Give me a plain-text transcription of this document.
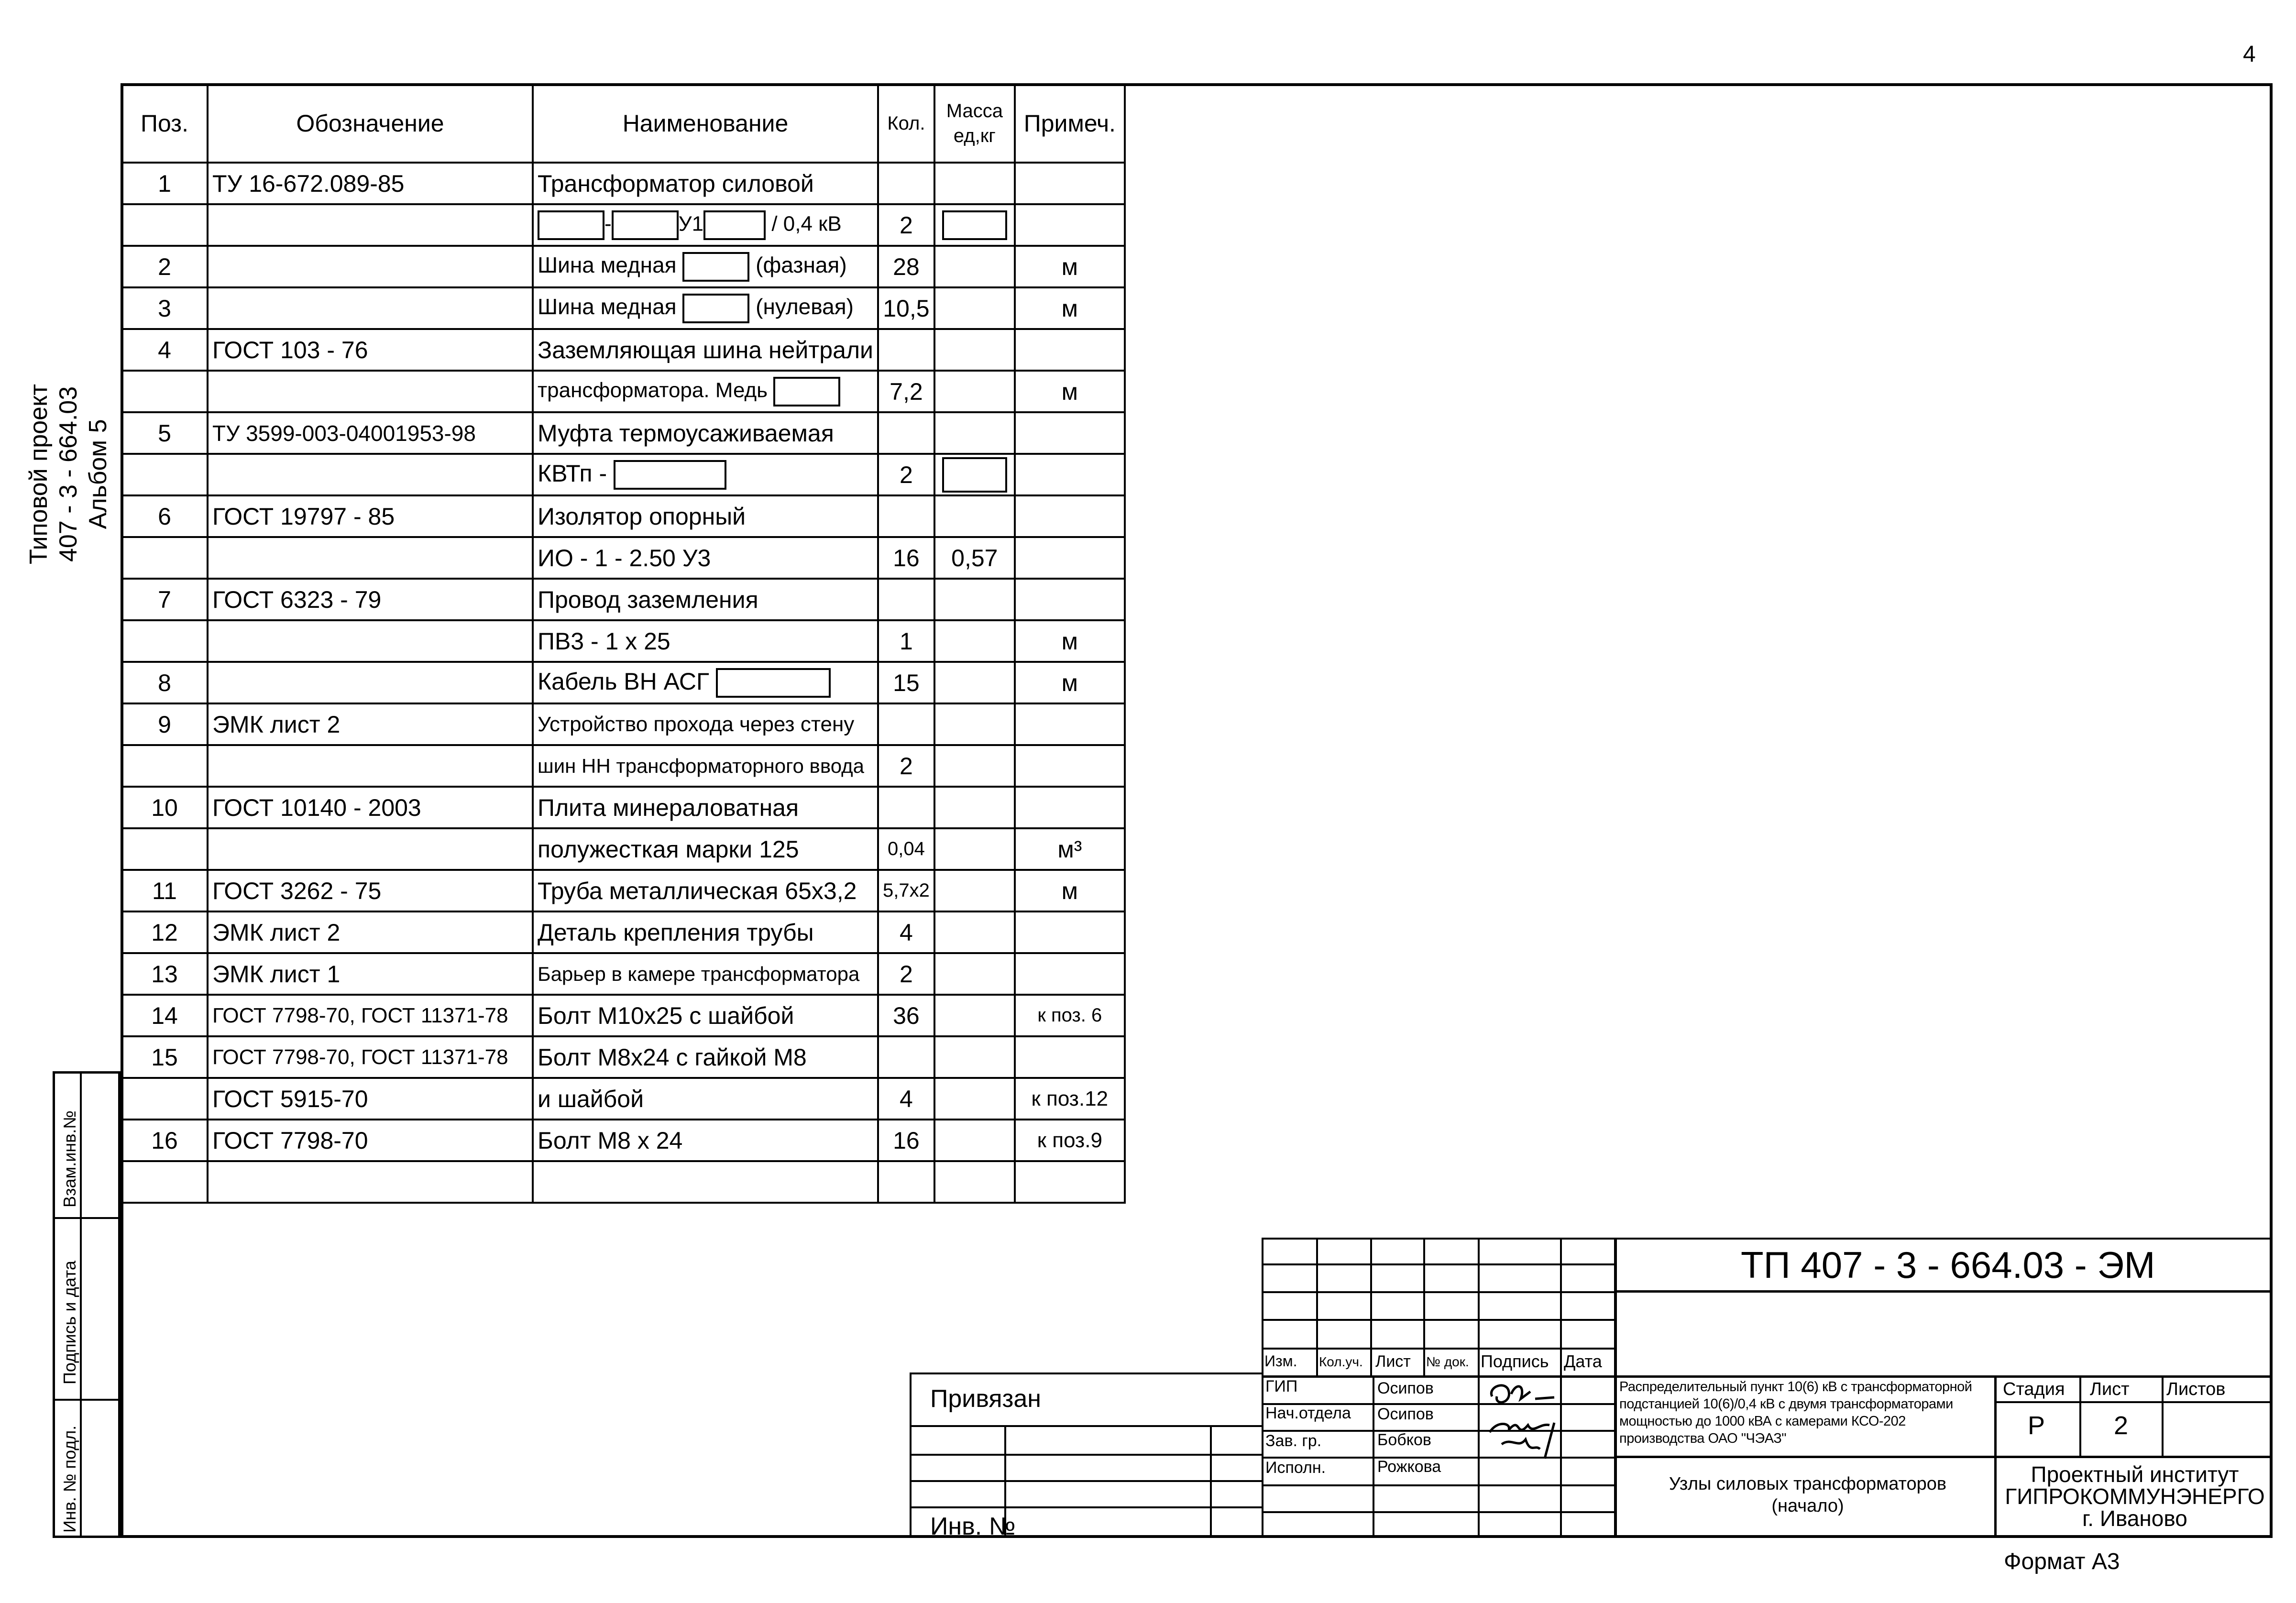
4
Типовой проект 407 - 3 - 664.03 Альбом 5
Взам.инв.№
Подпись и дата
Инв. № подл.
Поз.	Обозначение	Наименование	Кол.	Масса ед,кг	Примеч.
1	ТУ 16-672.089-85	Трансформатор силовой			
		- У1 / 0,4 кВ	2		
2		Шина медная (фазная)	28		м
3		Шина медная (нулевая)	10,5		м
4	ГОСТ 103 - 76	Заземляющая шина нейтрали			
		трансформатора. Медь	7,2		м
5	ТУ 3599-003-04001953-98	Муфта термоусаживаемая			
		КВТп -	2		
6	ГОСТ 19797 - 85	Изолятор опорный			
		ИО - 1 - 2.50 У3	16	0,57	
7	ГОСТ 6323 - 79	Провод заземления			
		ПВ3 - 1 х 25	1		м
8		Кабель ВН АСГ	15		м
9	ЭМК лист 2	Устройство прохода через стену			
		шин НН трансформаторного ввода	2		
10	ГОСТ 10140 - 2003	Плита минераловатная			
		полужесткая марки 125	0,04		м³
11	ГОСТ 3262 - 75	Труба металлическая 65х3,2	5,7х2		м
12	ЭМК лист 2	Деталь крепления трубы	4		
13	ЭМК лист 1	Барьер в камере трансформатора	2		
14	ГОСТ 7798-70, ГОСТ 11371-78	Болт М10х25 с шайбой	36		к поз. 6
15	ГОСТ 7798-70, ГОСТ 11371-78	Болт М8х24 с гайкой М8			
	ГОСТ 5915-70	и шайбой	4		к поз.12
16	ГОСТ 7798-70	Болт М8 х 24	16		к поз.9

Привязан
Инв. №
ТП 407 - 3 - 664.03 - ЭМ
Изм. Кол.уч. Лист № док. Подпись Дата
ГИП	Осипов
Нач.отдела Осипов
Зав. гр.	Бобков
Исполн.	Рожкова
Распределительный пункт 10(6) кВ с трансформаторной
подстанцией 10(6)/0,4 кВ с двумя трансформаторами
мощностью до 1000 кВА с камерами КСО-202
производства ОАО "ЧЭАЗ"
Узлы силовых трансформаторов
(начало)
Стадия Лист Листов
Р	2
Проектный институт
ГИПРОКОММУНЭНЕРГО
г. Иваново
Формат А3
